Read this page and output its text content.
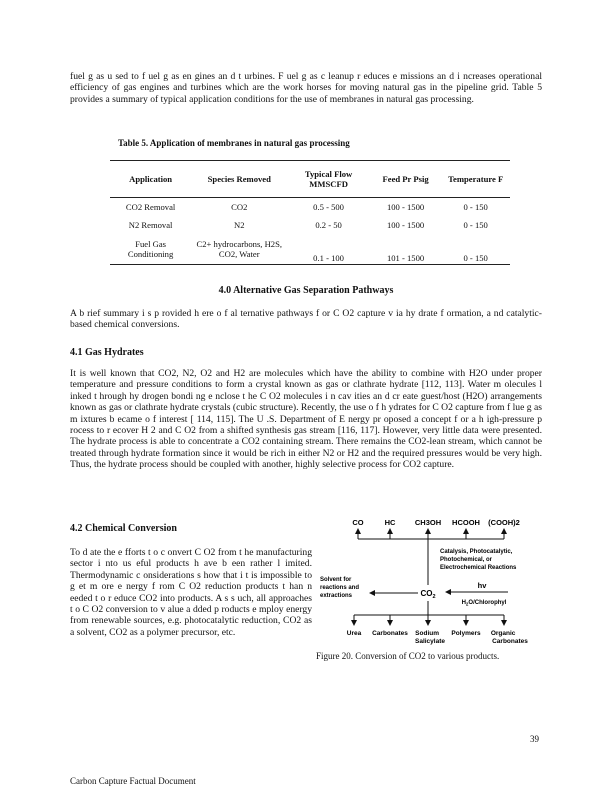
fuel g as u sed to f uel g as en gines an d t urbines. F uel g as c leanup r educes e missions an d i ncreases operational efficiency of gas engines and turbines which are the work horses for moving natural gas in the pipeline grid. Table 5 provides a summary of typical application conditions for the use of membranes in natural gas processing.

Table 5. Application of membranes in natural gas processing

Application	Species Removed	Typical Flow MMSCFD	Feed Pr Psig	Temperature F
CO2 Removal	CO2	0.5 - 500	100 - 1500	0 - 150
N2 Removal	N2	0.2 - 50	100 - 1500	0 - 150
Fuel Gas Conditioning	C2+ hydrocarbons, H2S, CO2, Water	0.1 - 100	101 - 1500	0 - 150

4.0 Alternative Gas Separation Pathways

A b rief summary i s p rovided h ere o f al ternative pathways f or C O2 capture v ia hy drate f ormation, a nd catalytic-based chemical conversions.

4.1 Gas Hydrates

It is well known that CO2, N2, O2 and H2 are molecules which have the ability to combine with H2O under proper temperature and pressure conditions to form a crystal known as gas or clathrate hydrate [112, 113]. Water m olecules l inked t hrough hy drogen bondi ng e nclose t he C O2 molecules i n cav ities an d cr eate guest/host (H2O) arrangements known as gas or clathrate hydrate crystals (cubic structure). Recently, the use o f h ydrates for C O2 capture from f lue g as m ixtures b ecame o f interest [ 114, 115]. The U .S. Department of E nergy pr oposed a concept f or a h igh-pressure p rocess to r ecover H 2 and C O2 from a shifted synthesis gas stream [116, 117]. However, very little data were presented. The hydrate process is able to concentrate a CO2 containing stream. There remains the CO2-lean stream, which cannot be treated through hydrate formation since it would be rich in either N2 or H2 and the required pressures would be very high. Thus, the hydrate process should be coupled with another, highly selective process for CO2 capture.

4.2 Chemical Conversion

To d ate the e fforts t o c onvert C O2 from t he manufacturing sector i nto us eful products h ave b een rather l imited. Thermodynamic c onsiderations s how that i t is impossible to g et m ore e nergy f rom C O2 reduction products t han n eeded t o r educe CO2 into products. A s s uch, all approaches t o C O2 conversion to v alue a dded p roducts e mploy energy from renewable sources, e.g. photocatalytic reduction, CO2 as a solvent, CO2 as a polymer precursor, etc.

CO	HC	CH3OH HCOOH (COOH)2
Catalysis, Photocatalytic, Photochemical, or Electrochemical Reactions
Solvent for reactions and extractions	$CO_2$
hv
$H_2O$/Chlorophyl
Urea Carbonates Sodium Salicylate
Polymers Organic Carbonates

Figure 20. Conversion of CO2 to various products.

39

Carbon Capture Factual Document
